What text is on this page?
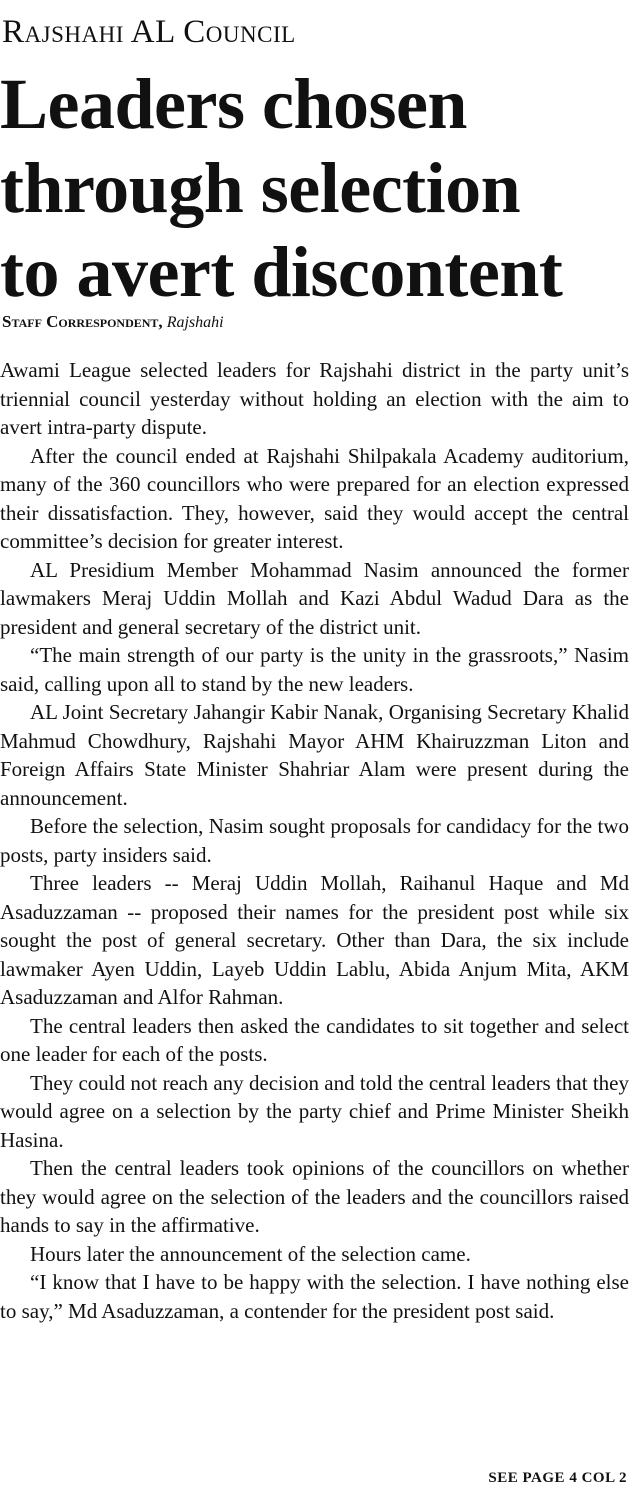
Rajshahi AL Council
Leaders chosen
through selection
to avert discontent
Staff Correspondent, Rajshahi

Awami League selected leaders for Rajshahi district in the party unit’s triennial council yesterday without holding an election with the aim to avert intra-party dispute.

After the council ended at Rajshahi Shilpakala Academy auditorium, many of the 360 councillors who were prepared for an election expressed their dissatisfaction. They, however, said they would accept the central committee’s decision for greater interest.

AL Presidium Member Mohammad Nasim announced the former lawmakers Meraj Uddin Mollah and Kazi Abdul Wadud Dara as the president and general secretary of the district unit.

“The main strength of our party is the unity in the grassroots,” Nasim said, calling upon all to stand by the new leaders.

AL Joint Secretary Jahangir Kabir Nanak, Organising Secretary Khalid Mahmud Chowdhury, Rajshahi Mayor AHM Khairuzzman Liton and Foreign Affairs State Minister Shahriar Alam were present during the announcement.

Before the selection, Nasim sought proposals for candidacy for the two posts, party insiders said.

Three leaders -- Meraj Uddin Mollah, Raihanul Haque and Md Asaduzzaman -- proposed their names for the president post while six sought the post of general secretary. Other than Dara, the six include lawmaker Ayen Uddin, Layeb Uddin Lablu, Abida Anjum Mita, AKM Asaduzzaman and Alfor Rahman.

The central leaders then asked the candidates to sit together and select one leader for each of the posts.

They could not reach any decision and told the central leaders that they would agree on a selection by the party chief and Prime Minister Sheikh Hasina.

Then the central leaders took opinions of the councillors on whether they would agree on the selection of the leaders and the councillors raised hands to say in the affirmative.

Hours later the announcement of the selection came.

“I know that I have to be happy with the selection. I have nothing else to say,” Md Asaduzzaman, a contender for the president post said.

SEE PAGE 4 COL 2
